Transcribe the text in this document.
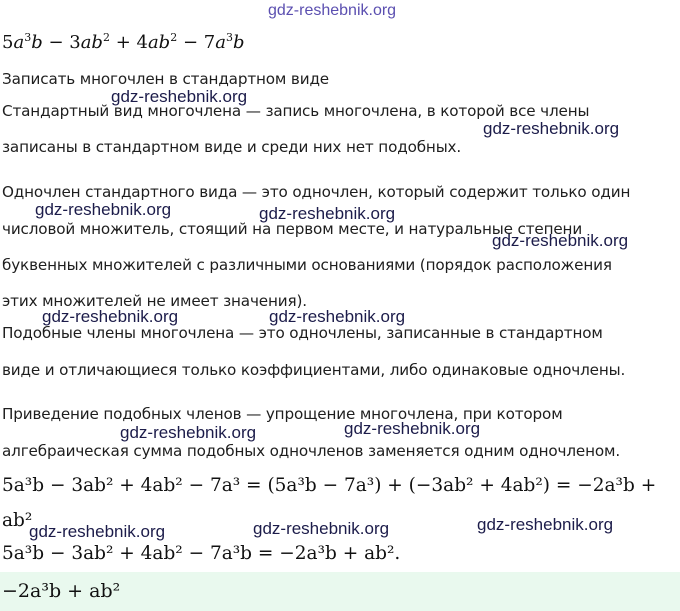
gdz-reshebnik.org
$5a^3b - 3ab^2 + 4ab^2 - 7a^3b$
Записать многочлен в стандартном виде
Стандартный вид многочлена — запись многочлена, в которой все члены
записаны в стандартном виде и среди них нет подобных.
Одночлен стандартного вида — это одночлен, который содержит только один
числовой множитель, стоящий на первом месте, и натуральные степени
буквенных множителей с различными основаниями (порядок расположения
этих множителей не имеет значения).
Подобные члены многочлена — это одночлены, записанные в стандартном
виде и отличающиеся только коэффициентами, либо одинаковые одночлены.
Приведение подобных членов — упрощение многочлена, при котором
алгебраическая сумма подобных одночленов заменяется одним одночленом.
5a³b − 3ab² + 4ab² − 7a³ = (5a³b − 7a³) + (−3ab² + 4ab²) = −2a³b +
ab²
5a³b − 3ab² + 4ab² − 7a³b = −2a³b + ab².
−2a³b + ab²
gdz-reshebnik.org
gdz-reshebnik.org
gdz-reshebnik.org	gdz-reshebnik.org
gdz-reshebnik.org
gdz-reshebnik.org	gdz-reshebnik.org
gdz-reshebnik.org	gdz-reshebnik.org
gdz-reshebnik.org	gdz-reshebnik.org	gdz-reshebnik.org
